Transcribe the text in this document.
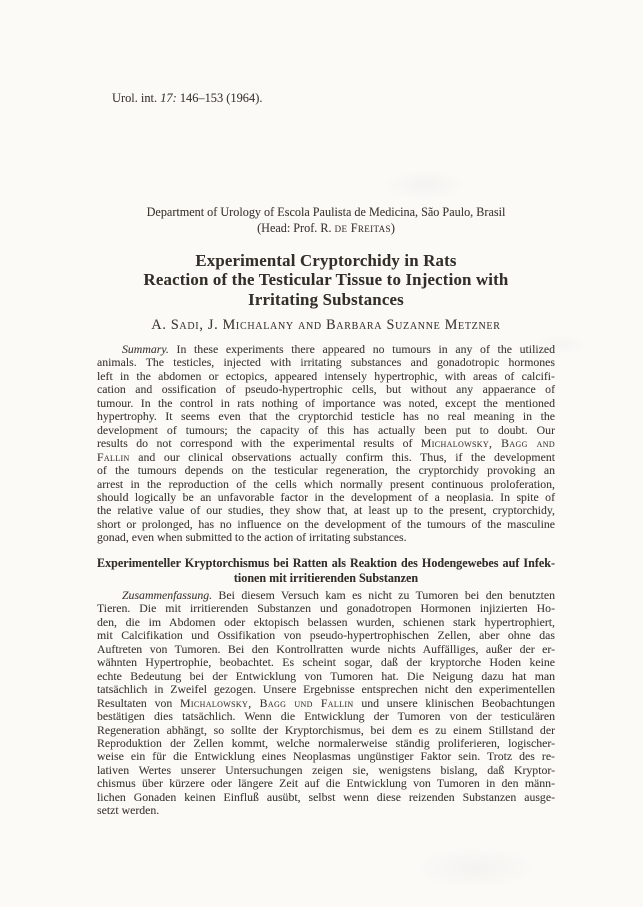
Urol. int. 17: 146–153 (1964).
Department of Urology of Escola Paulista de Medicina, São Paulo, Brasil
(Head: Prof. R. de Freitas)
Experimental Cryptorchidy in Rats
Reaction of the Testicular Tissue to Injection with
Irritating Substances
A. Sadi, J. Michalany and Barbara Suzanne Metzner
Summary. In these experiments there appeared no tumours in any of the utilized
animals. The testicles, injected with irritating substances and gonadotropic hormones
left in the abdomen or ectopics, appeared intensely hypertrophic, with areas of calcifi-
cation and ossification of pseudo-hypertrophic cells, but without any appaerance of
tumour. In the control in rats nothing of importance was noted, except the mentioned
hypertrophy. It seems even that the cryptorchid testicle has no real meaning in the
development of tumours; the capacity of this has actually been put to doubt. Our
results do not correspond with the experimental results of Michalowsky, Bagg and
Fallin and our clinical observations actually confirm this. Thus, if the development
of the tumours depends on the testicular regeneration, the cryptorchidy provoking an
arrest in the reproduction of the cells which normally present continuous proloferation,
should logically be an unfavorable factor in the development of a neoplasia. In spite of
the relative value of our studies, they show that, at least up to the present, cryptorchidy,
short or prolonged, has no influence on the development of the tumours of the masculine
gonad, even when submitted to the action of irritating substances.
Experimenteller Kryptorchismus bei Ratten als Reaktion des Hodengewebes auf Infek-
tionen mit irritierenden Substanzen
Zusammenfassung. Bei diesem Versuch kam es nicht zu Tumoren bei den benutzten
Tieren. Die mit irritierenden Substanzen und gonadotropen Hormonen injizierten Ho-
den, die im Abdomen oder ektopisch belassen wurden, schienen stark hypertrophiert,
mit Calcifikation und Ossifikation von pseudo-hypertrophischen Zellen, aber ohne das
Auftreten von Tumoren. Bei den Kontrollratten wurde nichts Auffälliges, außer der er-
wähnten Hypertrophie, beobachtet. Es scheint sogar, daß der kryptorche Hoden keine
echte Bedeutung bei der Entwicklung von Tumoren hat. Die Neigung dazu hat man
tatsächlich in Zweifel gezogen. Unsere Ergebnisse entsprechen nicht den experimentellen
Resultaten von Michalowsky, Bagg und Fallin und unsere klinischen Beobachtungen
bestätigen dies tatsächlich. Wenn die Entwicklung der Tumoren von der testiculären
Regeneration abhängt, so sollte der Kryptorchismus, bei dem es zu einem Stillstand der
Reproduktion der Zellen kommt, welche normalerweise ständig proliferieren, logischer-
weise ein für die Entwicklung eines Neoplasmas ungünstiger Faktor sein. Trotz des re-
lativen Wertes unserer Untersuchungen zeigen sie, wenigstens bislang, daß Kryptor-
chismus über kürzere oder längere Zeit auf die Entwicklung von Tumoren in den männ-
lichen Gonaden keinen Einfluß ausübt, selbst wenn diese reizenden Substanzen ausge-
setzt werden.
